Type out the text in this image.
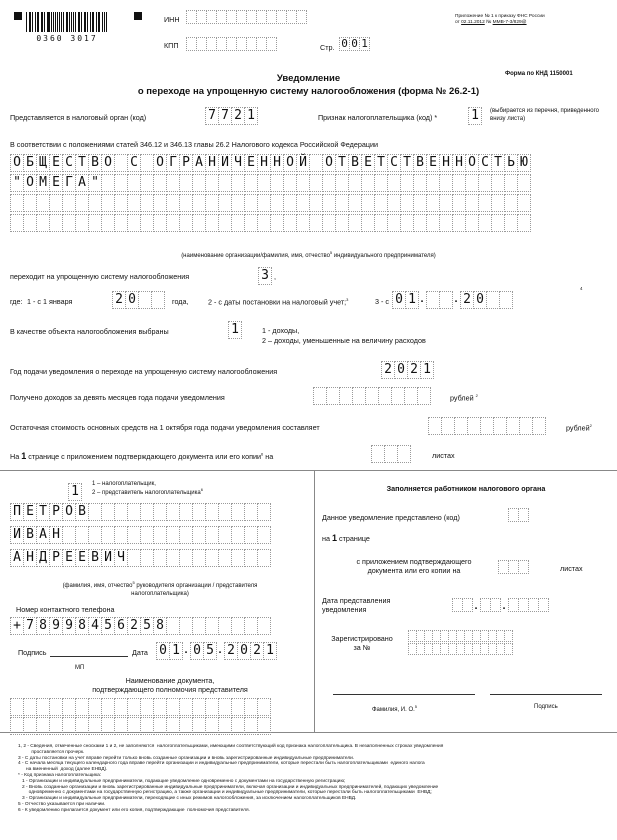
0360 3017
ИНН
КПП	Стр. 0 0 1
Приложение № 1 к приказу ФНС России
от 02.11.2012 № ММВ-7-3/829@
Форма по КНД 1150001
Уведомление
о переходе на упрощенную систему налогообложения (форма № 26.2-1)
Представляется в налоговый орган (код)	7 7 2 1	Признак налогоплательщика (код) *	1	(выбирается из перечня, приведенного внизу листа)
В соответствии с положениями статей 346.12 и 346.13 главы 26.2 Налогового кодекса Российской Федерации
О Б Щ Е С Т В О С О Г Р А Н И Ч Е Н Н О Й О Т В Е Т С Т В Е Н Н О С Т Ь Ю
" О М Е Г А "
(наименование организации/фамилия, имя, отчество$^5$ индивидуального предпринимателя)
переходит на упрощенную систему налогообложения	3 ,
где: 1 - с 1 января	2 0	года,	2 - с даты постановки на налоговый учет;$^3$	3 - с 0 1 .	. 2 0
4
В качестве объекта налогообложения выбраны	1	1 - доходы,
2 – доходы, уменьшенные на величину расходов
Год подачи уведомления о переходе на упрощенную систему налогообложения	2 0 2 1
Получено доходов за девять месяцев года подачи уведомления	рублей $^2$
Остаточная стоимость основных средств на 1 октября года подачи уведомления составляет	рублей$^2$
На 1 странице с приложением подтверждающего документа или его копии$^6$ на	листах
1	1 – налогоплательщик,
2 – представитель налогоплательщика$^6$
П Е Т Р О В
И В А Н
А Н Д Р Е Е В И Ч
(фамилия, имя, отчество$^5$ руководителя организации / представителя
налогоплательщика)
Номер контактного телефона
+ 7 8 9 9 8 4 5 6 2 5 8
Подпись	Дата 0 1 . 0 5 . 2 0 2 1
МП
Наименование документа,
подтверждающего полномочия представителя
Заполняется работником налогового органа
Данное уведомление представлено (код)
на 1 странице
с приложением подтверждающего
документа или его копии на	листах
Дата представления
уведомления	. .
Зарегистрировано
за №
Фамилия, И. О.$^5$	Подпись
1, 2 - Сведения, отмеченные сносками 1 и 2, не заполняются  налогоплательщиками, имеющими соответствующий код признака налогоплательщика. В незаполненных строках уведомления
проставляется прочерк.
3 - С даты постановки на учет вправе перейти только вновь созданные организации и вновь зарегистрированные индивидуальные предприниматели.
4 - С начала месяца текущего календарного года вправе перейти организации и индивидуальные предприниматели, которые перестали быть налогоплательщиками  единого налога
на вмененный  доход (далее ЕНВД).
* - Код признака налогоплательщика:
1 - Организации и индивидуальные предприниматели, подающие уведомление одновременно с документами на государственную регистрацию;
2 - Вновь созданные организации и вновь зарегистрированные индивидуальные предприниматели, включая организации и индивидуальных предпринимателей, подающих уведомление
одновременно с документами на государственную регистрацию, а также организации и индивидуальные предприниматели, которые перестали быть налогоплательщиками  ЕНВД;
3 - Организации и индивидуальные предприниматели, переходящие с иных режимов налогообложения, за исключением налогоплательщиков ЕНВД.
5 - Отчество указывается при наличии.
6 - К уведомлению прилагается документ или его копия, подтверждающие  полномочия представителя.
